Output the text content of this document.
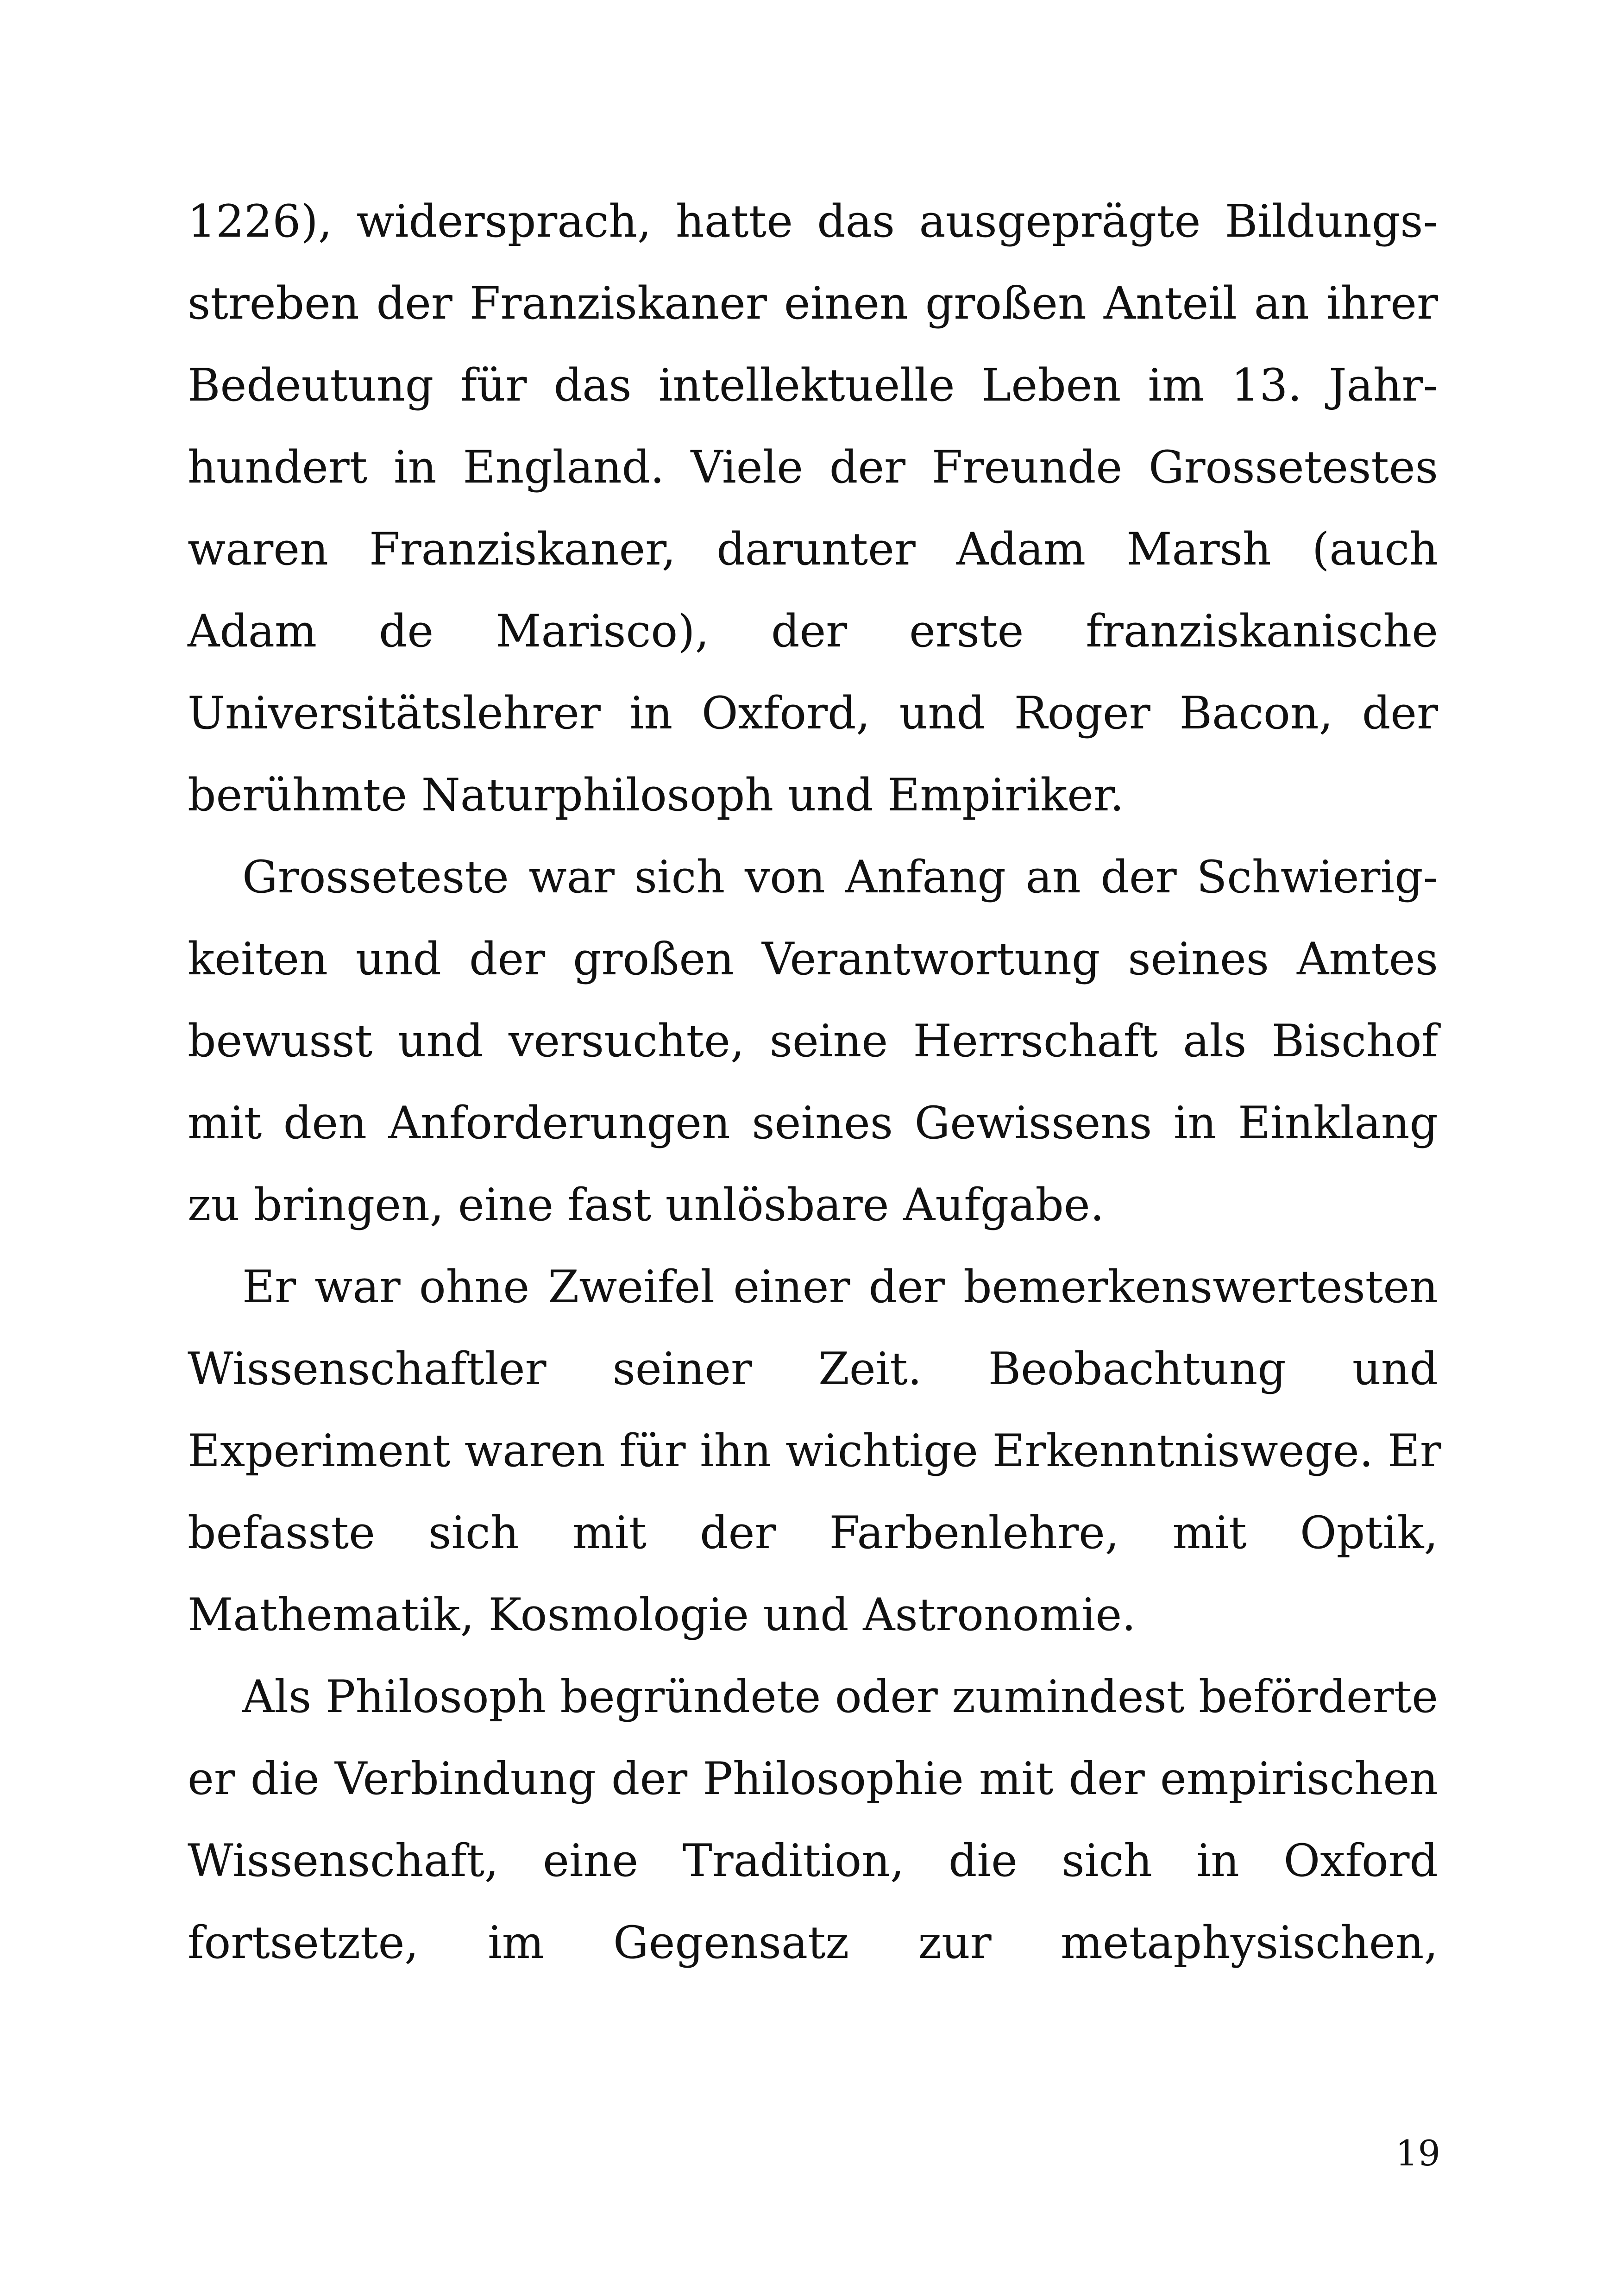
1226), widersprach, hatte das ausgeprägte Bildungs-
streben der Franziskaner einen großen Anteil an ihrer
Bedeutung für das intellektuelle Leben im 13. Jahr-
hundert in England. Viele der Freunde Grossetestes
waren Franziskaner, darunter Adam Marsh (auch
Adam de Marisco), der erste franziskanische
Universitätslehrer in Oxford, und Roger Bacon, der
berühmte Naturphilosoph und Empiriker.
Grosseteste war sich von Anfang an der Schwierig-
keiten und der großen Verantwortung seines Amtes
bewusst und versuchte, seine Herrschaft als Bischof
mit den Anforderungen seines Gewissens in Einklang
zu bringen, eine fast unlösbare Aufgabe.
Er war ohne Zweifel einer der bemerkenswertesten
Wissenschaftler seiner Zeit. Beobachtung und
Experiment waren für ihn wichtige Erkenntniswege. Er
befasste sich mit der Farbenlehre, mit Optik,
Mathematik, Kosmologie und Astronomie.
Als Philosoph begründete oder zumindest beförderte
er die Verbindung der Philosophie mit der empirischen
Wissenschaft, eine Tradition, die sich in Oxford
fortsetzte, im Gegensatz zur metaphysischen,
19
